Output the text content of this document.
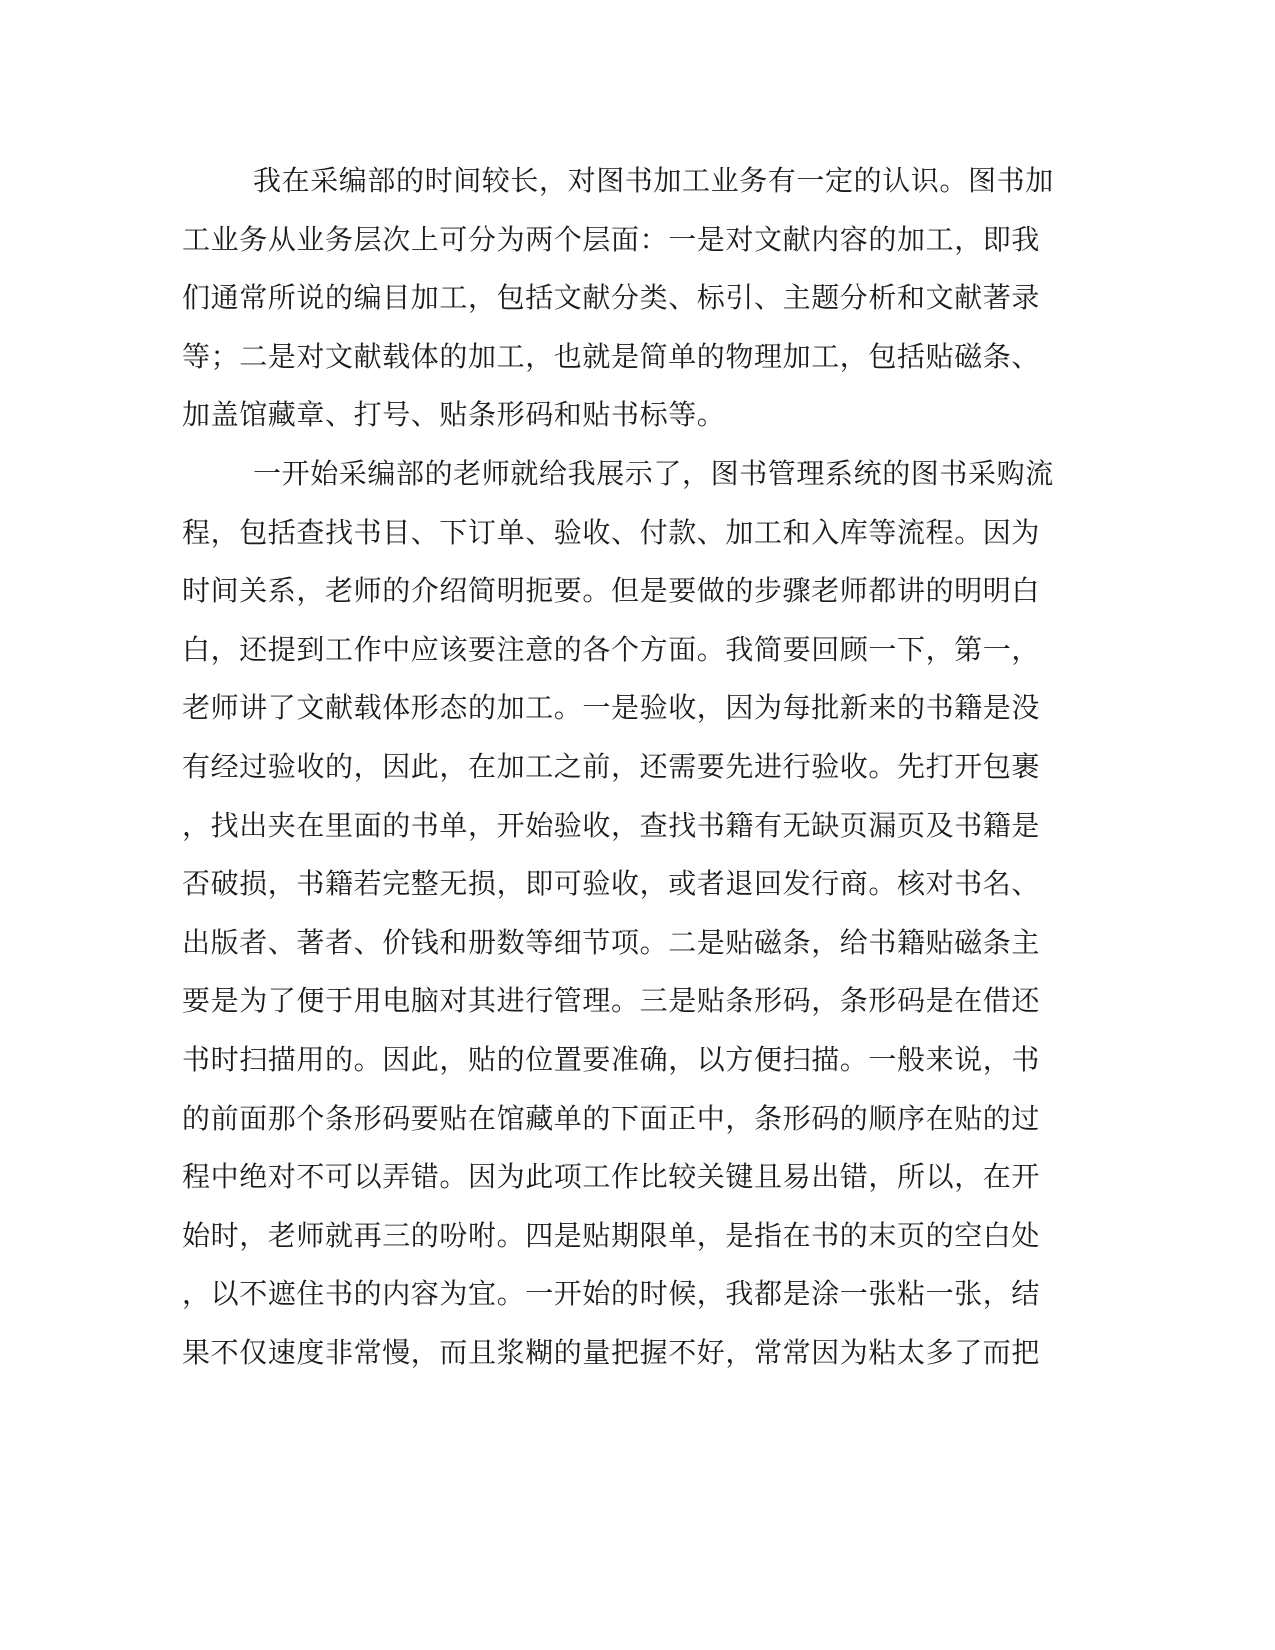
我在采编部的时间较长，对图书加工业务有一定的认识。图书加
工业务从业务层次上可分为两个层面：一是对文献内容的加工，即我
们通常所说的编目加工，包括文献分类、标引、主题分析和文献著录
等；二是对文献载体的加工，也就是简单的物理加工，包括贴磁条、
加盖馆藏章、打号、贴条形码和贴书标等。
一开始采编部的老师就给我展示了，图书管理系统的图书采购流
程，包括查找书目、下订单、验收、付款、加工和入库等流程。因为
时间关系，老师的介绍简明扼要。但是要做的步骤老师都讲的明明白
白，还提到工作中应该要注意的各个方面。我简要回顾一下，第一，
老师讲了文献载体形态的加工。一是验收，因为每批新来的书籍是没
有经过验收的，因此，在加工之前，还需要先进行验收。先打开包裹
，找出夹在里面的书单，开始验收，查找书籍有无缺页漏页及书籍是
否破损，书籍若完整无损，即可验收，或者退回发行商。核对书名、
出版者、著者、价钱和册数等细节项。二是贴磁条，给书籍贴磁条主
要是为了便于用电脑对其进行管理。三是贴条形码，条形码是在借还
书时扫描用的。因此，贴的位置要准确，以方便扫描。一般来说，书
的前面那个条形码要贴在馆藏单的下面正中，条形码的顺序在贴的过
程中绝对不可以弄错。因为此项工作比较关键且易出错，所以，在开
始时，老师就再三的吩咐。四是贴期限单，是指在书的末页的空白处
，以不遮住书的内容为宜。一开始的时候，我都是涂一张粘一张，结
果不仅速度非常慢，而且浆糊的量把握不好，常常因为粘太多了而把
